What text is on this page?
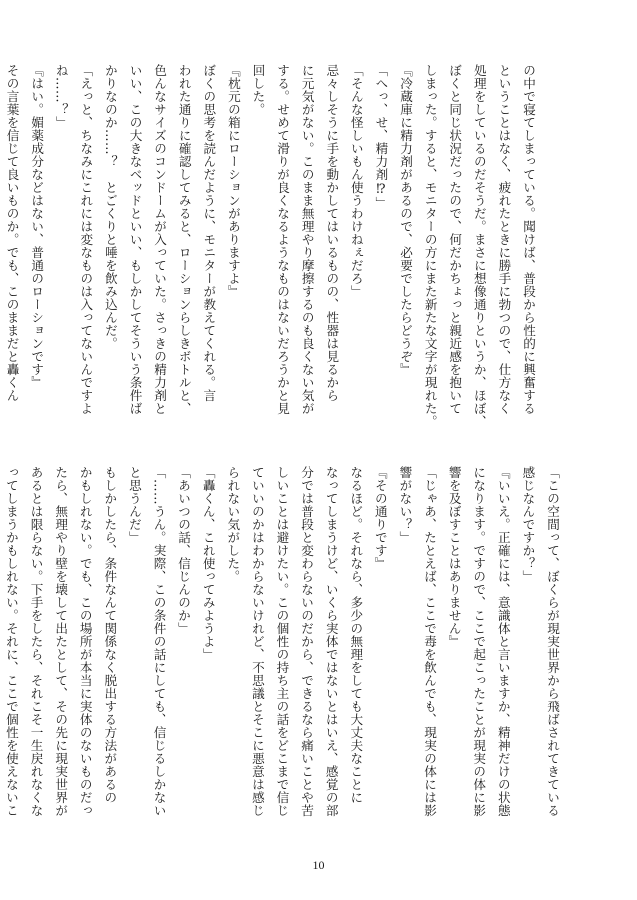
の中で寝てしまっている。聞けば、普段から性的に興奮する

ということはなく、疲れたときに勝手に勃つので、仕方なく

処理をしているのだそうだ。まさに想像通りというか、ほぼ、

ぼくと同じ状況だったので、何だかちょっと親近感を抱いて

しまった。すると、モニターの方にまた新たな文字が現れた。

『冷蔵庫に精力剤があるので、必要でしたらどうぞ』

「へっ、せ、精力剤⁉」

「そんな怪しいもん使うわけねぇだろ」

忌々しそうに手を動かしてはいるものの、性器は見るから

に元気がない。このまま無理やり摩擦するのも良くない気が

する。せめて滑りが良くなるようなものはないだろうかと見

回した。

『枕元の箱にローションがありますよ』

ぼくの思考を読んだように、モニターが教えてくれる。言

われた通りに確認してみると、ローションらしきボトルと、

色んなサイズのコンドームが入っていた。さっきの精力剤と

いい、この大きなベッドといい、もしかしてそういう条件ば

かりなのか……？　とごくりと唾を飲み込んだ。

「えっと、ちなみにこれには変なものは入ってないんですよ

ね……？」

『はい。媚薬成分などはない、普通のローションです』

その言葉を信じて良いものか。でも、このままだと轟くん

「この空間って、ぼくらが現実世界から飛ばされてきている

感じなんですか？」

『いいえ。正確には、意識体と言いますか、精神だけの状態

になります。ですので、ここで起こったことが現実の体に影

響を及ぼすことはありません』

「じゃあ、たとえば、ここで毒を飲んでも、現実の体には影

響がない？」

『その通りです』

なるほど。それなら、多少の無理をしても大丈夫なことに

なってしまうけど、いくら実体ではないとはいえ、感覚の部

分では普段と変わらないのだから、できるなら痛いことや苦

しいことは避けたい。この個性の持ち主の話をどこまで信じ

ていいのかはわからないけれど、不思議とそこに悪意は感じ

られない気がした。

「轟くん、これ使ってみようよ」

「あいつの話、信じんのか」

「……うん。実際、この条件の話にしても、信じるしかない

と思うんだ」

もしかしたら、条件なんて関係なく脱出する方法があるの

かもしれない。でも、この場所が本当に実体のないものだっ

たら、無理やり壁を壊して出たとして、その先に現実世界が

あるとは限らない。下手をしたら、それこそ一生戻れなくな

ってしまうかもしれない。それに、ここで個性を使えないこ

10
